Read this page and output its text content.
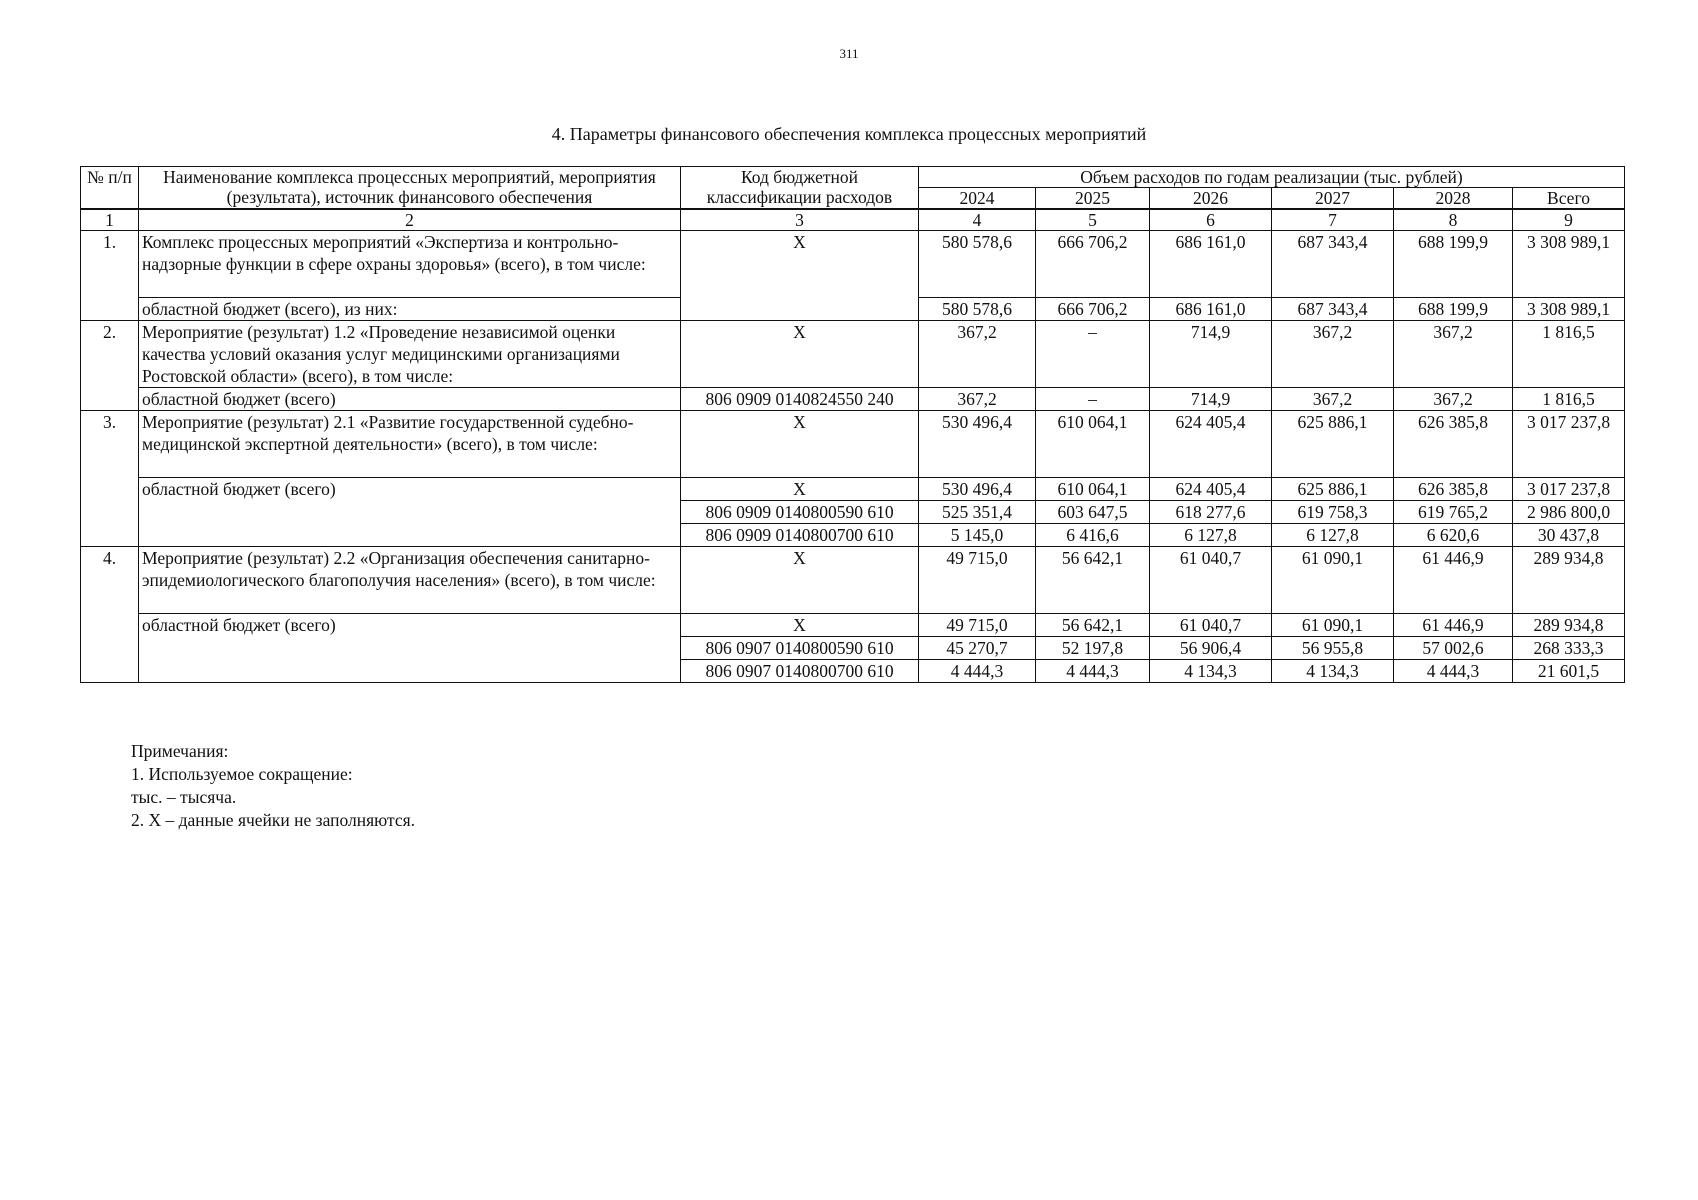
311
4. Параметры финансового обеспечения комплекса процессных мероприятий
№ п/п	Наименование комплекса процессных мероприятий, мероприятия (результата), источник финансового обеспечения	Код бюджетной классификации расходов	Объем расходов по годам реализации (тыс. рублей)					
			2024	2025	2026	2027	2028	Всего
1	2	3	4	5	6	7	8	9
1.	Комплекс процессных мероприятий «Экспертиза и контрольно-надзорные функции в сфере охраны здоровья» (всего), в том числе:	X	580 578,6	666 706,2	686 161,0	687 343,4	688 199,9	3 308 989,1
	областной бюджет (всего), из них:		580 578,6	666 706,2	686 161,0	687 343,4	688 199,9	3 308 989,1
2.	Мероприятие (результат) 1.2 «Проведение независимой оценки качества условий оказания услуг медицинскими организациями Ростовской области» (всего), в том числе:	X	367,2	–	714,9	367,2	367,2	1 816,5
	областной бюджет (всего)	806 0909 0140824550 240	367,2	–	714,9	367,2	367,2	1 816,5
3.	Мероприятие (результат) 2.1 «Развитие государственной судебно-медицинской экспертной деятельности» (всего), в том числе:	X	530 496,4	610 064,1	624 405,4	625 886,1	626 385,8	3 017 237,8
	областной бюджет (всего)	X	530 496,4	610 064,1	624 405,4	625 886,1	626 385,8	3 017 237,8
		806 0909 0140800590 610	525 351,4	603 647,5	618 277,6	619 758,3	619 765,2	2 986 800,0
		806 0909 0140800700 610	5 145,0	6 416,6	6 127,8	6 127,8	6 620,6	30 437,8
4.	Мероприятие (результат) 2.2 «Организация обеспечения санитарно-эпидемиологического благополучия населения» (всего), в том числе:	X	49 715,0	56 642,1	61 040,7	61 090,1	61 446,9	289 934,8
	областной бюджет (всего)	X	49 715,0	56 642,1	61 040,7	61 090,1	61 446,9	289 934,8
		806 0907 0140800590 610	45 270,7	52 197,8	56 906,4	56 955,8	57 002,6	268 333,3
		806 0907 0140800700 610	4 444,3	4 444,3	4 134,3	4 134,3	4 444,3	21 601,5
Примечания:
1. Используемое сокращение:
тыс. – тысяча.
2. X – данные ячейки не заполняются.
